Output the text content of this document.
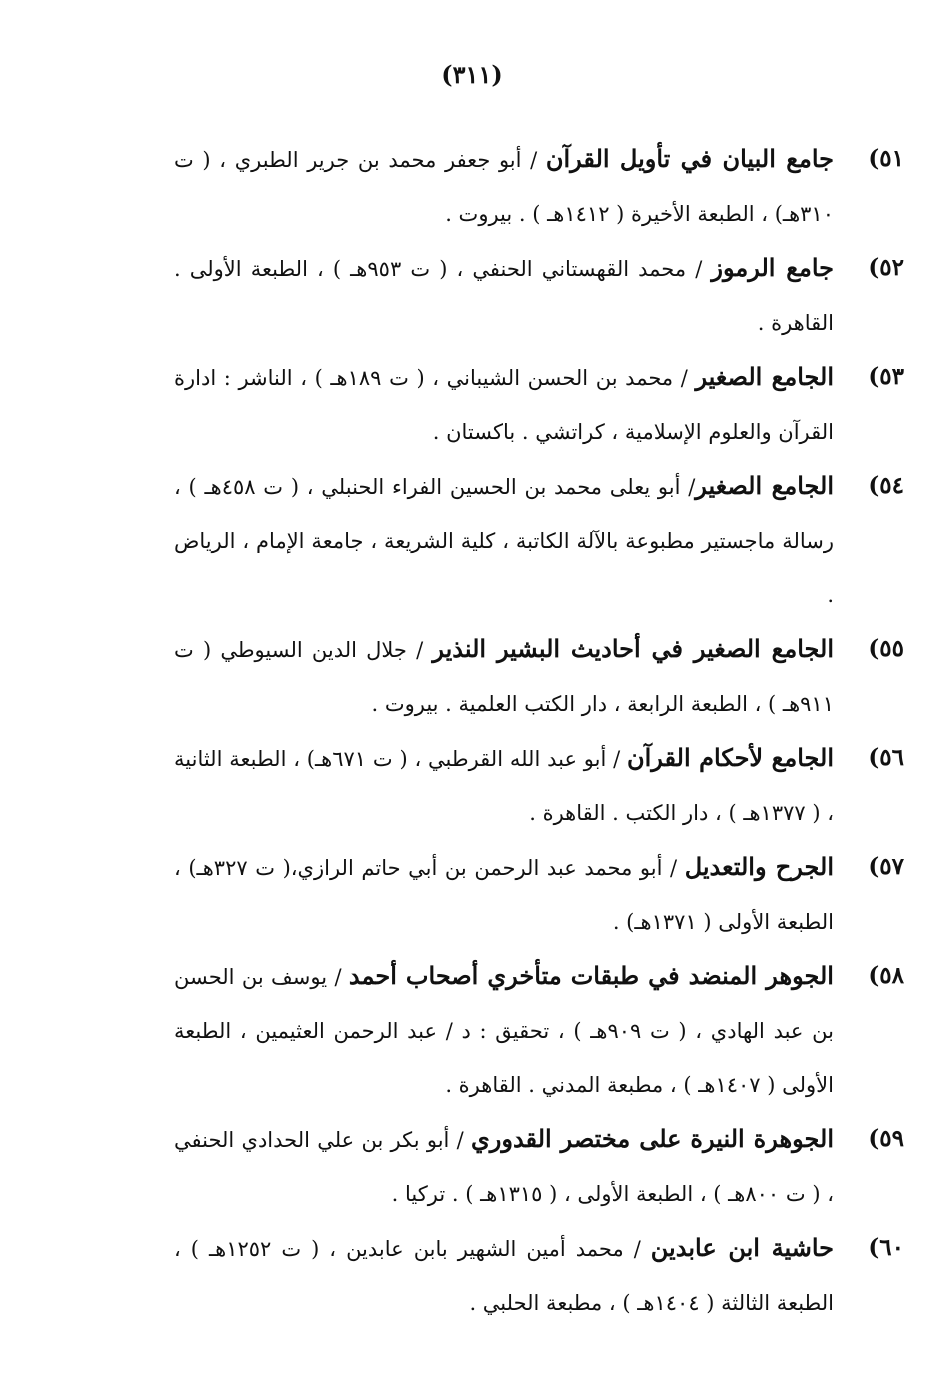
(٣١١)
٥١)
جامع البيان في تأويل القرآن / أبو جعفر محمد بن جرير الطبري ، ( ت ٣١٠هـ) ، الطبعة الأخيرة ( ١٤١٢هـ ) . بيروت .
٥٢)
جامع الرموز / محمد القهستاني الحنفي ، ( ت ٩٥٣هـ ) ، الطبعة الأولى . القاهرة .
٥٣)
الجامع الصغير / محمد بن الحسن الشيباني ، ( ت ١٨٩هـ ) ، الناشر : ادارة القرآن والعلوم الإسلامية ، كراتشي . باكستان .
٥٤)
الجامع الصغير/ أبو يعلى محمد بن الحسين الفراء الحنبلي ، ( ت ٤٥٨هـ ) ، رسالة ماجستير مطبوعة بالآلة الكاتبة ، كلية الشريعة ، جامعة الإمام ، الرياض .
٥٥)
الجامع الصغير في أحاديث البشير النذير / جلال الدين السيوطي ( ت ٩١١هـ ) ، الطبعة الرابعة ، دار الكتب العلمية . بيروت .
٥٦)
الجامع لأحكام القرآن / أبو عبد الله القرطبي ، ( ت ٦٧١هـ) ، الطبعة الثانية ، ( ١٣٧٧هـ ) ، دار الكتب . القاهرة .
٥٧)
الجرح والتعديل / أبو محمد عبد الرحمن بن أبي حاتم الرازي،( ت ٣٢٧هـ) ، الطبعة الأولى ( ١٣٧١هـ) .
٥٨)
الجوهر المنضد في طبقات متأخري أصحاب أحمد / يوسف بن الحسن بن عبد الهادي ، ( ت ٩٠٩هـ ) ، تحقيق : د / عبد الرحمن العثيمين ، الطبعة الأولى ( ١٤٠٧هـ ) ، مطبعة المدني . القاهرة .
٥٩)
الجوهرة النيرة على مختصر القدوري / أبو بكر بن علي الحدادي الحنفي ، ( ت ٨٠٠هـ ) ، الطبعة الأولى ، ( ١٣١٥هـ ) . تركيا .
٦٠)
حاشية ابن عابدين / محمد أمين الشهير بابن عابدين ، ( ت ١٢٥٢هـ ) ، الطبعة الثالثة ( ١٤٠٤هـ ) ، مطبعة الحلبي .
